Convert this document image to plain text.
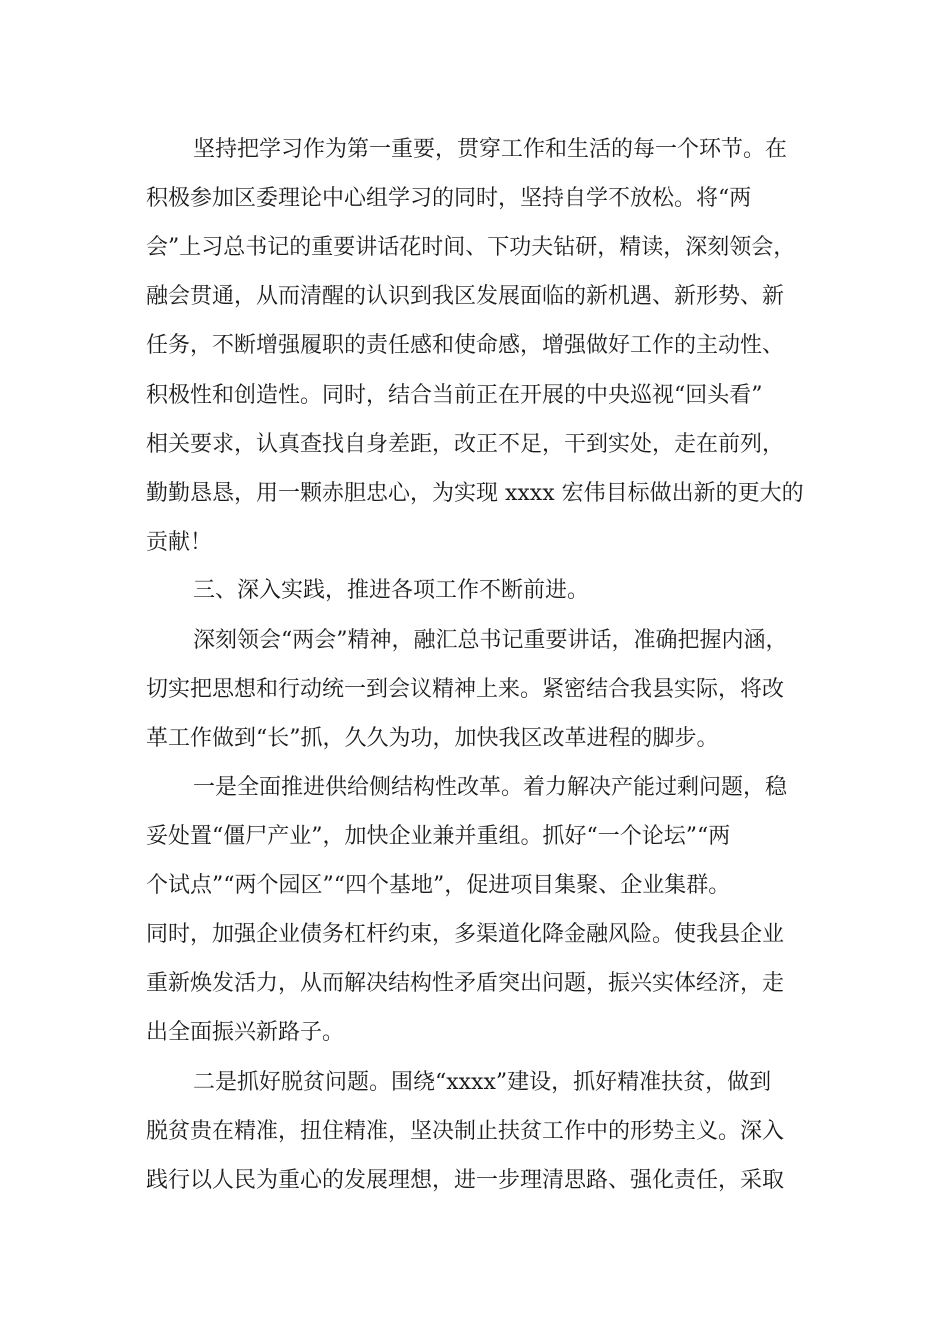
坚持把学习作为第一重要，贯穿工作和生活的每一个环节。在
积极参加区委理论中心组学习的同时，坚持自学不放松。将“两
会”上习总书记的重要讲话花时间、下功夫钻研，精读，深刻领会，
融会贯通，从而清醒的认识到我区发展面临的新机遇、新形势、新
任务，不断增强履职的责任感和使命感，增强做好工作的主动性、
积极性和创造性。同时，结合当前正在开展的中央巡视“回头看”
相关要求，认真查找自身差距，改正不足，干到实处，走在前列，
勤勤恳恳，用一颗赤胆忠心，为实现 xxxx 宏伟目标做出新的更大的
贡献！
三、深入实践，推进各项工作不断前进。
深刻领会“两会”精神，融汇总书记重要讲话，准确把握内涵，
切实把思想和行动统一到会议精神上来。紧密结合我县实际，将改
革工作做到“长”抓，久久为功，加快我区改革进程的脚步。
一是全面推进供给侧结构性改革。着力解决产能过剩问题，稳
妥处置“僵尸产业”，加快企业兼并重组。抓好“一个论坛”“两
个试点”“两个园区”“四个基地”，促进项目集聚、企业集群。
同时，加强企业债务杠杆约束，多渠道化降金融风险。使我县企业
重新焕发活力，从而解决结构性矛盾突出问题，振兴实体经济，走
出全面振兴新路子。
二是抓好脱贫问题。围绕“xxxx”建设，抓好精准扶贫，做到
脱贫贵在精准，扭住精准，坚决制止扶贫工作中的形势主义。深入
践行以人民为重心的发展理想，进一步理清思路、强化责任，采取
